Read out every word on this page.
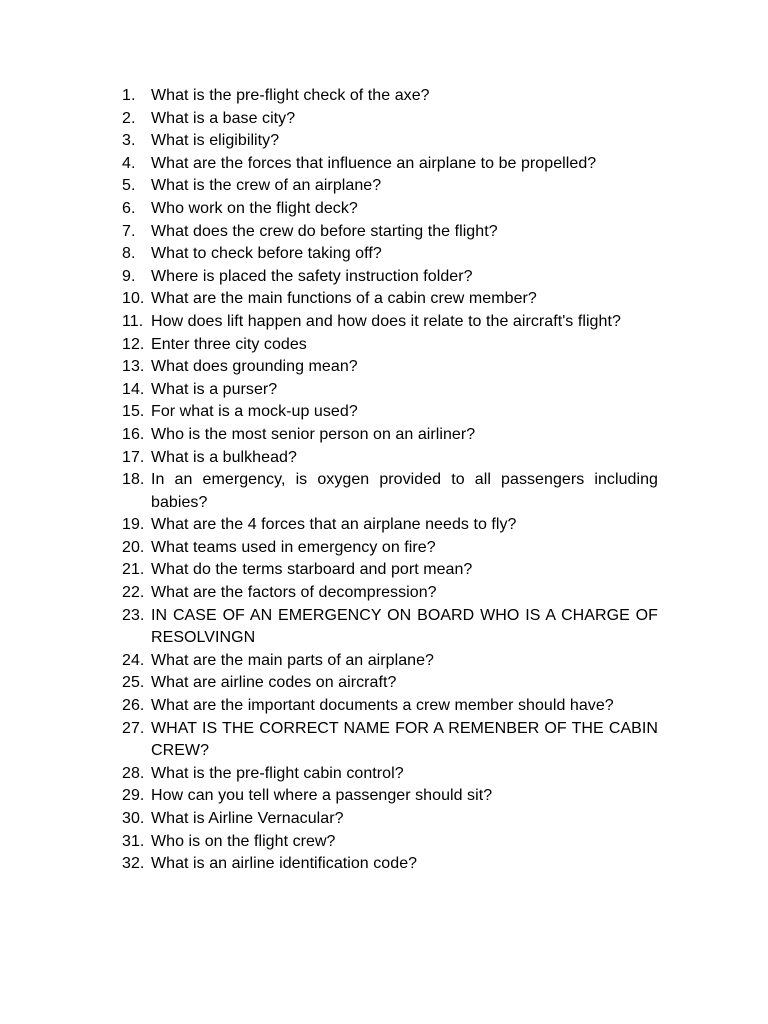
1. What is the pre-flight check of the axe?
2. What is a base city?
3. What is eligibility?
4. What are the forces that influence an airplane to be propelled?
5. What is the crew of an airplane?
6. Who work on the flight deck?
7. What does the crew do before starting the flight?
8. What to check before taking off?
9. Where is placed the safety instruction folder?
10. What are the main functions of a cabin crew member?
11. How does lift happen and how does it relate to the aircraft's flight?
12. Enter three city codes
13. What does grounding mean?
14. What is a purser?
15. For what is a mock-up used?
16. Who is the most senior person on an airliner?
17. What is a bulkhead?
18. In an emergency, is oxygen provided to all passengers including babies?
19. What are the 4 forces that an airplane needs to fly?
20. What teams used in emergency on fire?
21. What do the terms starboard and port mean?
22. What are the factors of decompression?
23. IN CASE OF AN EMERGENCY ON BOARD WHO IS A CHARGE OF RESOLVINGN
24. What are the main parts of an airplane?
25. What are airline codes on aircraft?
26. What are the important documents a crew member should have?
27. WHAT IS THE CORRECT NAME FOR A REMENBER OF THE CABIN CREW?
28. What is the pre-flight cabin control?
29. How can you tell where a passenger should sit?
30. What is Airline Vernacular?
31. Who is on the flight crew?
32. What is an airline identification code?
